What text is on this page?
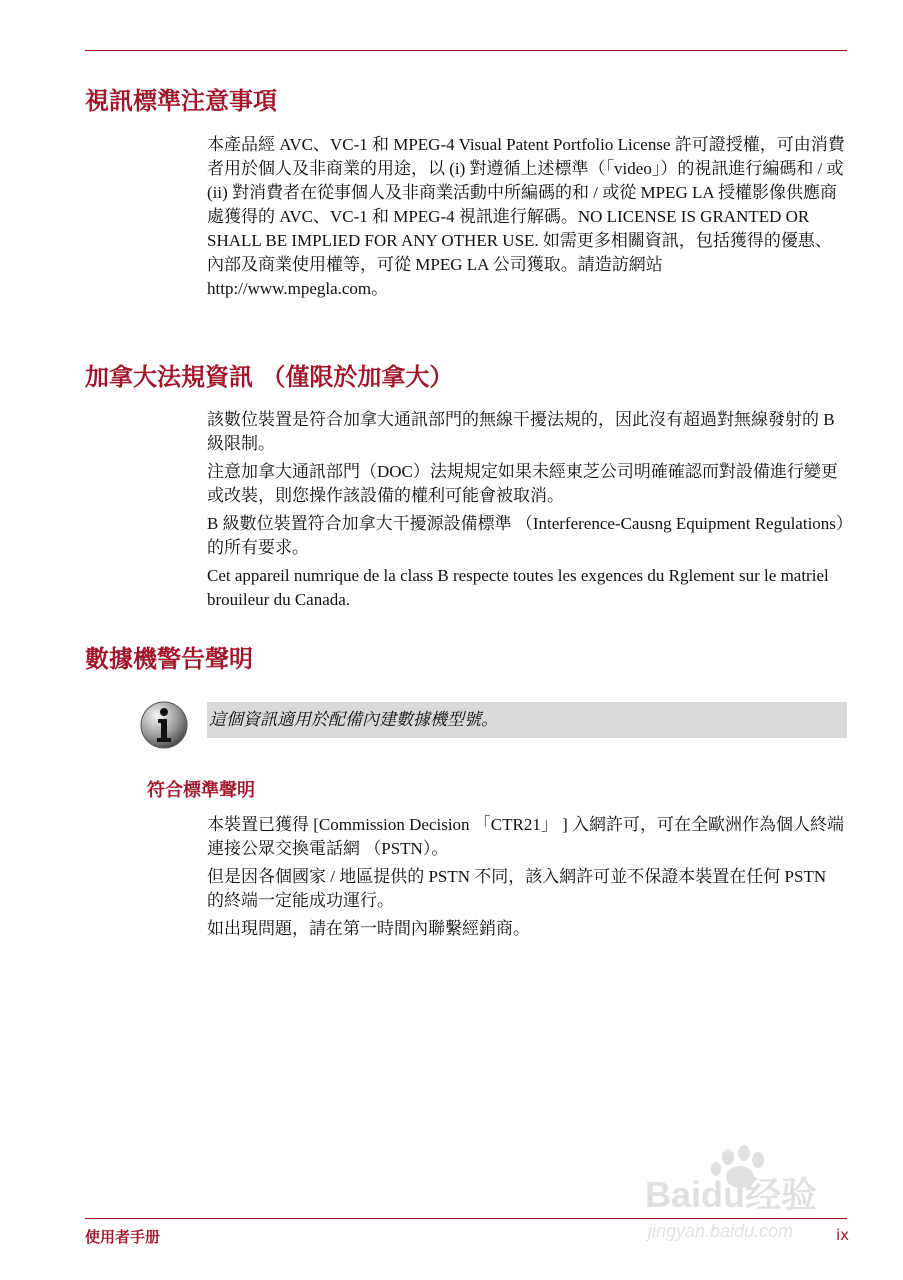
視訊標準注意事項

本產品經 AVC、VC-1 和 MPEG-4 Visual Patent Portfolio License 許可證授權，可由消費者用於個人及非商業的用途，以 (i) 對遵循上述標準（「video」）的視訊進行編碼和 / 或 (ii) 對消費者在從事個人及非商業活動中所編碼的和 / 或從 MPEG LA 授權影像供應商處獲得的 AVC、VC-1 和 MPEG-4 視訊進行解碼。NO LICENSE IS GRANTED OR SHALL BE IMPLIED FOR ANY OTHER USE. 如需更多相關資訊，包括獲得的優惠、內部及商業使用權等，可從 MPEG LA 公司獲取。請造訪網站 http://www.mpegla.com。

加拿大法規資訊 （僅限於加拿大）

該數位裝置是符合加拿大通訊部門的無線干擾法規的，因此沒有超過對無線發射的 B 級限制。

注意加拿大通訊部門（DOC）法規規定如果未經東芝公司明確確認而對設備進行變更或改裝，則您操作該設備的權利可能會被取消。

B 級數位裝置符合加拿大干擾源設備標準 （Interference-Causng Equipment Regulations）的所有要求。

Cet appareil numrique de la class B respecte toutes les exgences du Rglement sur le matriel brouileur du Canada.

數據機警告聲明
這個資訊適用於配備內建數據機型號。
符合標準聲明

本裝置已獲得 [Commission Decision 「CTR21」 ] 入網許可，可在全歐洲作為個人終端連接公眾交換電話網 （PSTN）。

但是因各個國家 / 地區提供的 PSTN 不同，該入網許可並不保證本裝置在任何 PSTN 的終端一定能成功運行。

如出現問題，請在第一時間內聯繫經銷商。

Baidu经验
jingyan.baidu.com
使用者手册	ix
